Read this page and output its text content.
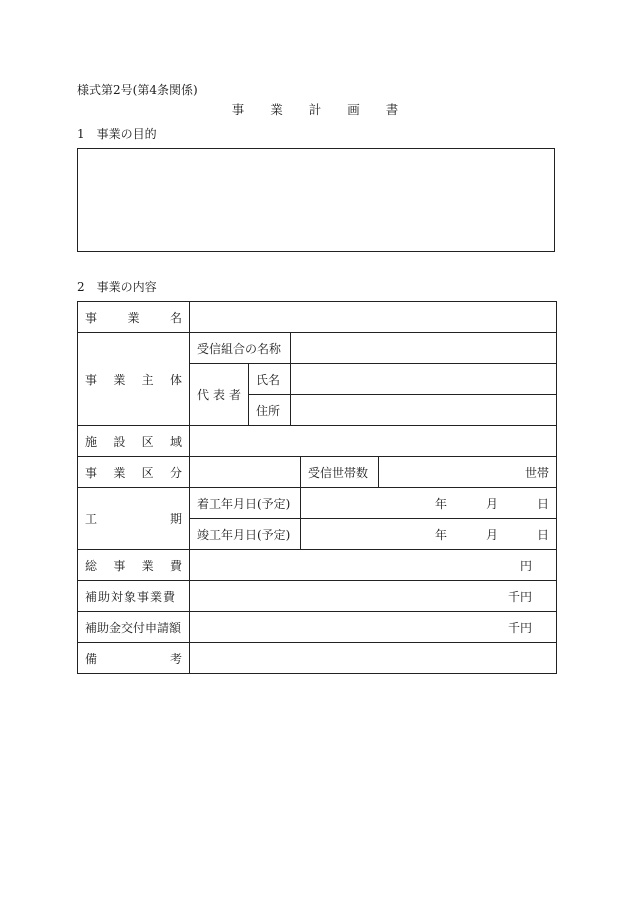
様式第2号(第4条関係)
事 業 計 画 書
1　事業の目的
2　事業の内容
事 業 名					

事 業 主 体	受信組合の名称				

	代 表 者	氏名			
		住所			

施 設 区 域					

事 業 区 分				受信世帯数	世帯

工 期	着工年月日(予定)			年 月 日	

	竣工年月日(予定)			年 月 日	

総 事 業 費	円				
補助対象事業費	千円				
補助金交付申請額	千円				

備 考					
